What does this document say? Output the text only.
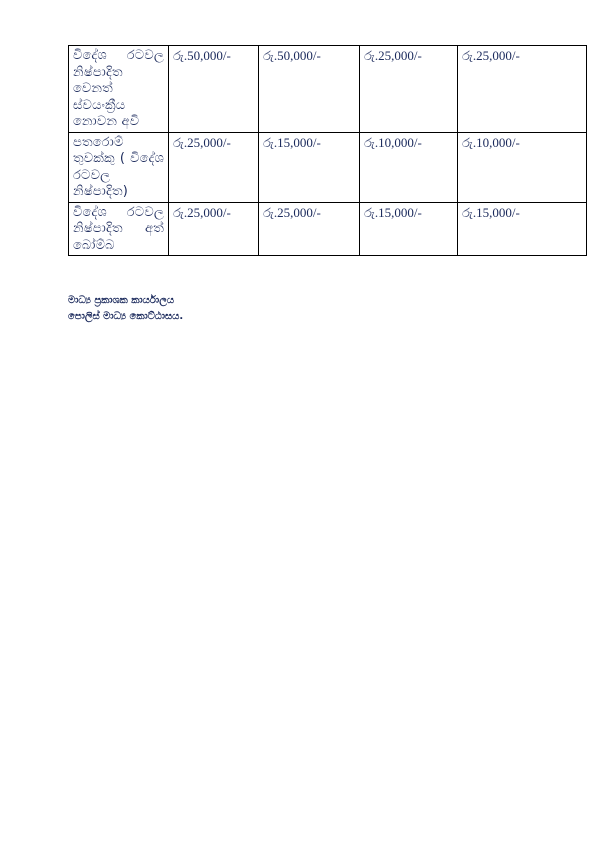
විදේශ රටවල නිෂ්පාදිත වෙනත් ස්වයංක්‍රීය නොවන අවි	රු.50,000/-	රු.50,000/-	රු.25,000/-	රු.25,000/-
පතරොම් තුවක්කු ( විදේශ රටවල නිෂ්පාදිත)	රු.25,000/-	රු.15,000/-	රු.10,000/-	රු.10,000/-
විදේශ රටවල නිෂ්පාදිත අත් බෝම්බ	රු.25,000/-	රු.25,000/-	රු.15,000/-	රු.15,000/-
මාධ්‍ය ප්‍රකාශක කාර්යාලය
පොලිස් මාධ්‍ය කොට්ඨාසය.
